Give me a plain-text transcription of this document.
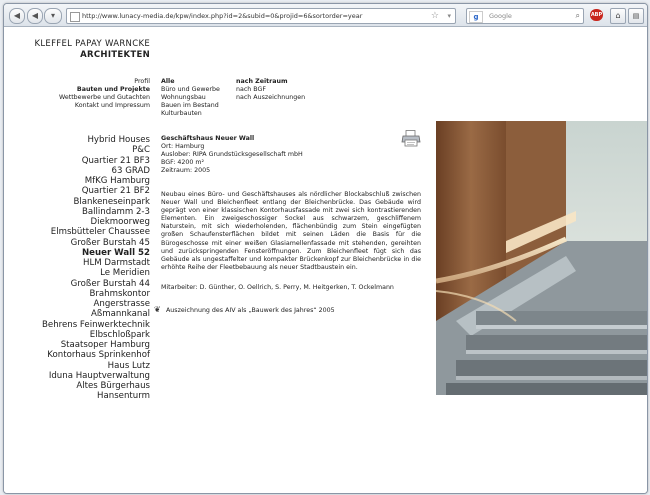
◀	◀	▾	http://www.lunacy-media.de/kpw/index.php?id=2&subid=0&projid=6&sortorder=year	☆ ▾	g	Google	⌕ ABP	⌂	▤
KLEFFEL PAPAY WARNCKE
ARCHITEKTEN
Profil
Bauten und Projekte
Wettbewerbe und Gutachten
Kontakt und Impressum
Alle
Büro und Gewerbe
Wohnungsbau
Bauen im Bestand
Kulturbauten
nach Zeitraum
nach BGF
nach Auszeichnungen
Hybrid Houses
P&C
Quartier 21 BF3
63 GRAD
MfKG Hamburg
Quartier 21 BF2
Blankeneseinpark
Ballindamm 2-3
Diekmoorweg
Elmsbütteler Chaussee
Großer Burstah 45
Neuer Wall 52
HLM Darmstadt
Le Meridien
Großer Burstah 44
Brahmskontor
Angerstrasse
Aßmannkanal
Behrens Feinwerktechnik
Elbschloßpark
Staatsoper Hamburg
Kontorhaus Sprinkenhof
Haus Lutz
Iduna Hauptverwaltung
Altes Bürgerhaus
Hansenturm

Geschäftshaus Neuer Wall

Ort: Hamburg

Auslober: RIPA Grundstücksgesellschaft mbH

BGF: 4200 m²

Zeitraum: 2005

Neubau eines Büro- und Geschäftshauses als nördlicher Blockabschluß zwischen Neuer Wall und Bleichenfleet entlang der Bleichenbrücke. Das Gebäude wird geprägt von einer klassischen Kontorhausfassade mit zwei sich kontrastierenden Elementen. Ein zweigeschossiger Sockel aus schwarzem, geschliffenem Naturstein, mit sich wiederholenden, flächenbündig zum Stein eingefügten großen Schaufensterflächen bildet mit seinen Läden die Basis für die Bürogeschosse mit einer weißen Glasiamellenfassade mit stehenden, gereihten und zurückspringenden Fensteröffnungen. Zum Bleichenfleet fügt sich das Gebäude als ungestaffelter und kompakter Brückenkopf zur Bleichenbrücke in die erhöhte Reihe der Fleetbebauung als neuer Stadtbaustein ein.
Mitarbeiter: D. Günther, O. Oellrich, S. Perry, M. Heitgerken, T. Ockelmann
❦ Auszeichnung des AIV als „Bauwerk des Jahres“ 2005
